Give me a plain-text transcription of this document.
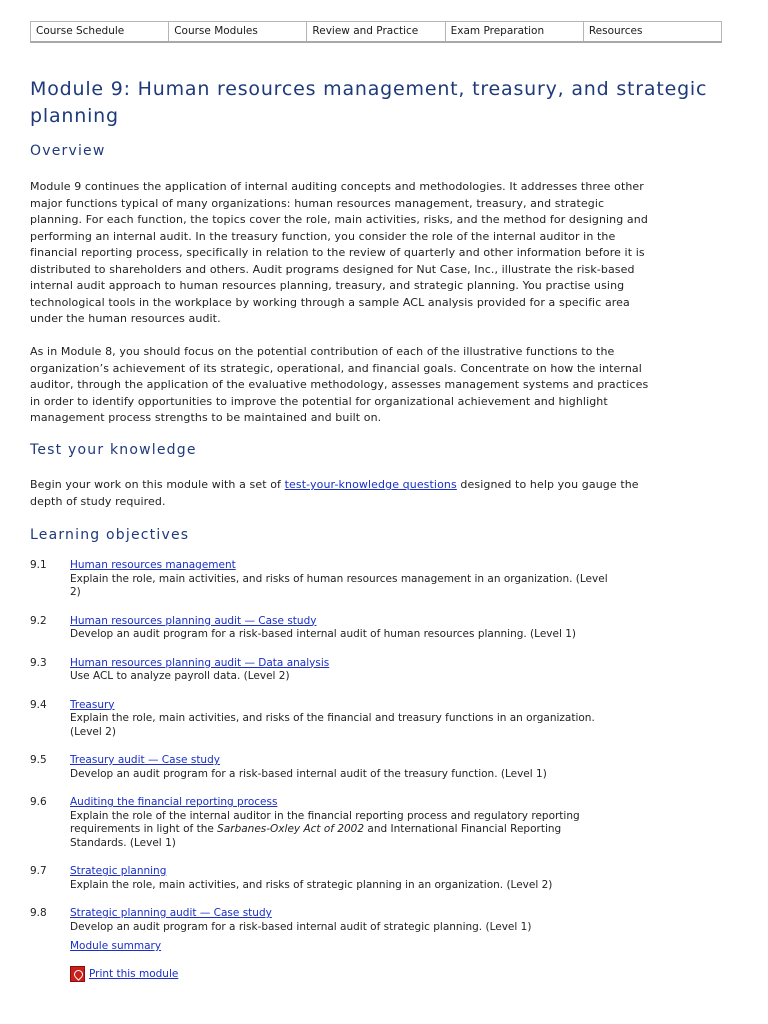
Course Schedule	Course Modules	Review and Practice	Exam Preparation	Resources
Module 9: Human resources management, treasury, and strategic planning
Overview

Module 9 continues the application of internal auditing concepts and methodologies. It addresses three other major functions typical of many organizations: human resources management, treasury, and strategic planning. For each function, the topics cover the role, main activities, risks, and the method for designing and performing an internal audit. In the treasury function, you consider the role of the internal auditor in the financial reporting process, specifically in relation to the review of quarterly and other information before it is distributed to shareholders and others. Audit programs designed for Nut Case, Inc., illustrate the risk-based internal audit approach to human resources planning, treasury, and strategic planning. You practise using technological tools in the workplace by working through a sample ACL analysis provided for a specific area under the human resources audit.

As in Module 8, you should focus on the potential contribution of each of the illustrative functions to the organization’s achievement of its strategic, operational, and financial goals. Concentrate on how the internal auditor, through the application of the evaluative methodology, assesses management systems and practices in order to identify opportunities to improve the potential for organizational achievement and highlight management process strengths to be maintained and built on.

Test your knowledge

Begin your work on this module with a set of test-your-knowledge questions designed to help you gauge the depth of study required.

Learning objectives
9.1	Human resources management
Explain the role, main activities, and risks of human resources management in an organization. (Level 2)
9.2	Human resources planning audit — Case study
Develop an audit program for a risk-based internal audit of human resources planning. (Level 1)
9.3	Human resources planning audit — Data analysis
Use ACL to analyze payroll data. (Level 2)
9.4	Treasury
Explain the role, main activities, and risks of the financial and treasury functions in an organization. (Level 2)
9.5	Treasury audit — Case study
Develop an audit program for a risk-based internal audit of the treasury function. (Level 1)
9.6	Auditing the financial reporting process
Explain the role of the internal auditor in the financial reporting process and regulatory reporting requirements in light of the Sarbanes-Oxley Act of 2002 and International Financial Reporting Standards. (Level 1)
9.7	Strategic planning
Explain the role, main activities, and risks of strategic planning in an organization. (Level 2)
9.8	Strategic planning audit — Case study
Develop an audit program for a risk-based internal audit of strategic planning. (Level 1)
Module summary
Print this module
